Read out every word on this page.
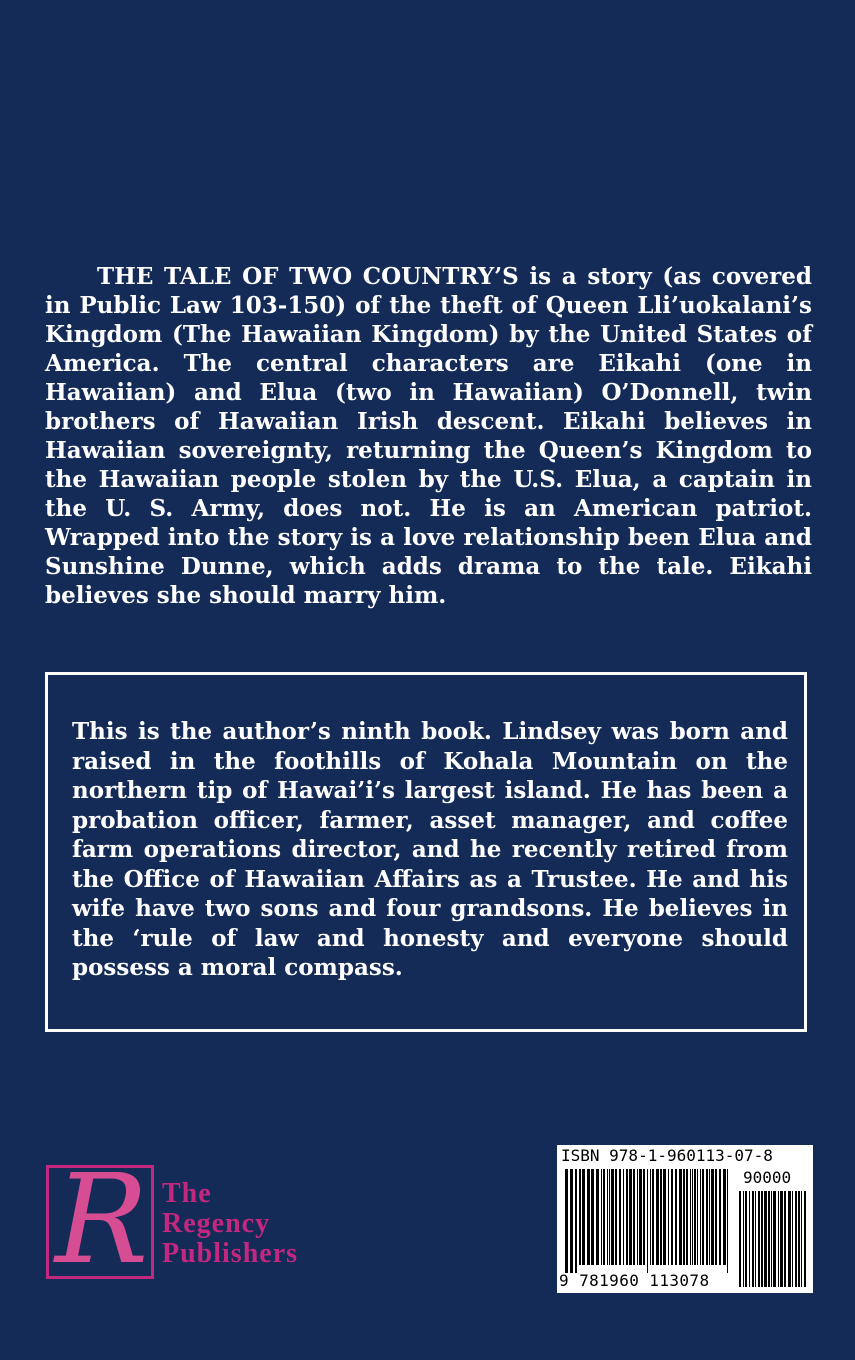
THE TALE OF TWO COUNTRY’S is a story (as covered in Public Law 103-150) of the theft of Queen Lli’uokalani’s Kingdom (The Hawaiian Kingdom) by the United States of America. The central characters are Eikahi (one in Hawaiian) and Elua (two in Hawaiian) O’Donnell, twin brothers of Hawaiian Irish descent. Eikahi believes in Hawaiian sovereignty, returning the Queen’s Kingdom to the Hawaiian people stolen by the U.S. Elua, a captain in the U. S. Army, does not. He is an American patriot. Wrapped into the story is a love relationship been Elua and Sunshine Dunne, which adds drama to the tale. Eikahi believes she should marry him.

This is the author’s ninth book. Lindsey was born and raised in the foothills of Kohala Mountain on the northern tip of Hawai’i’s largest island. He has been a probation officer, farmer, asset manager, and coffee farm operations director, and he recently retired from the Office of Hawaiian Affairs as a Trustee. He and his wife have two sons and four grandsons. He believes in the ‘rule of law and honesty and everyone should possess a moral compass.

R The
Regency
Publishers
ISBN 978-1-960113-07-8
90000
9 781960 113078
